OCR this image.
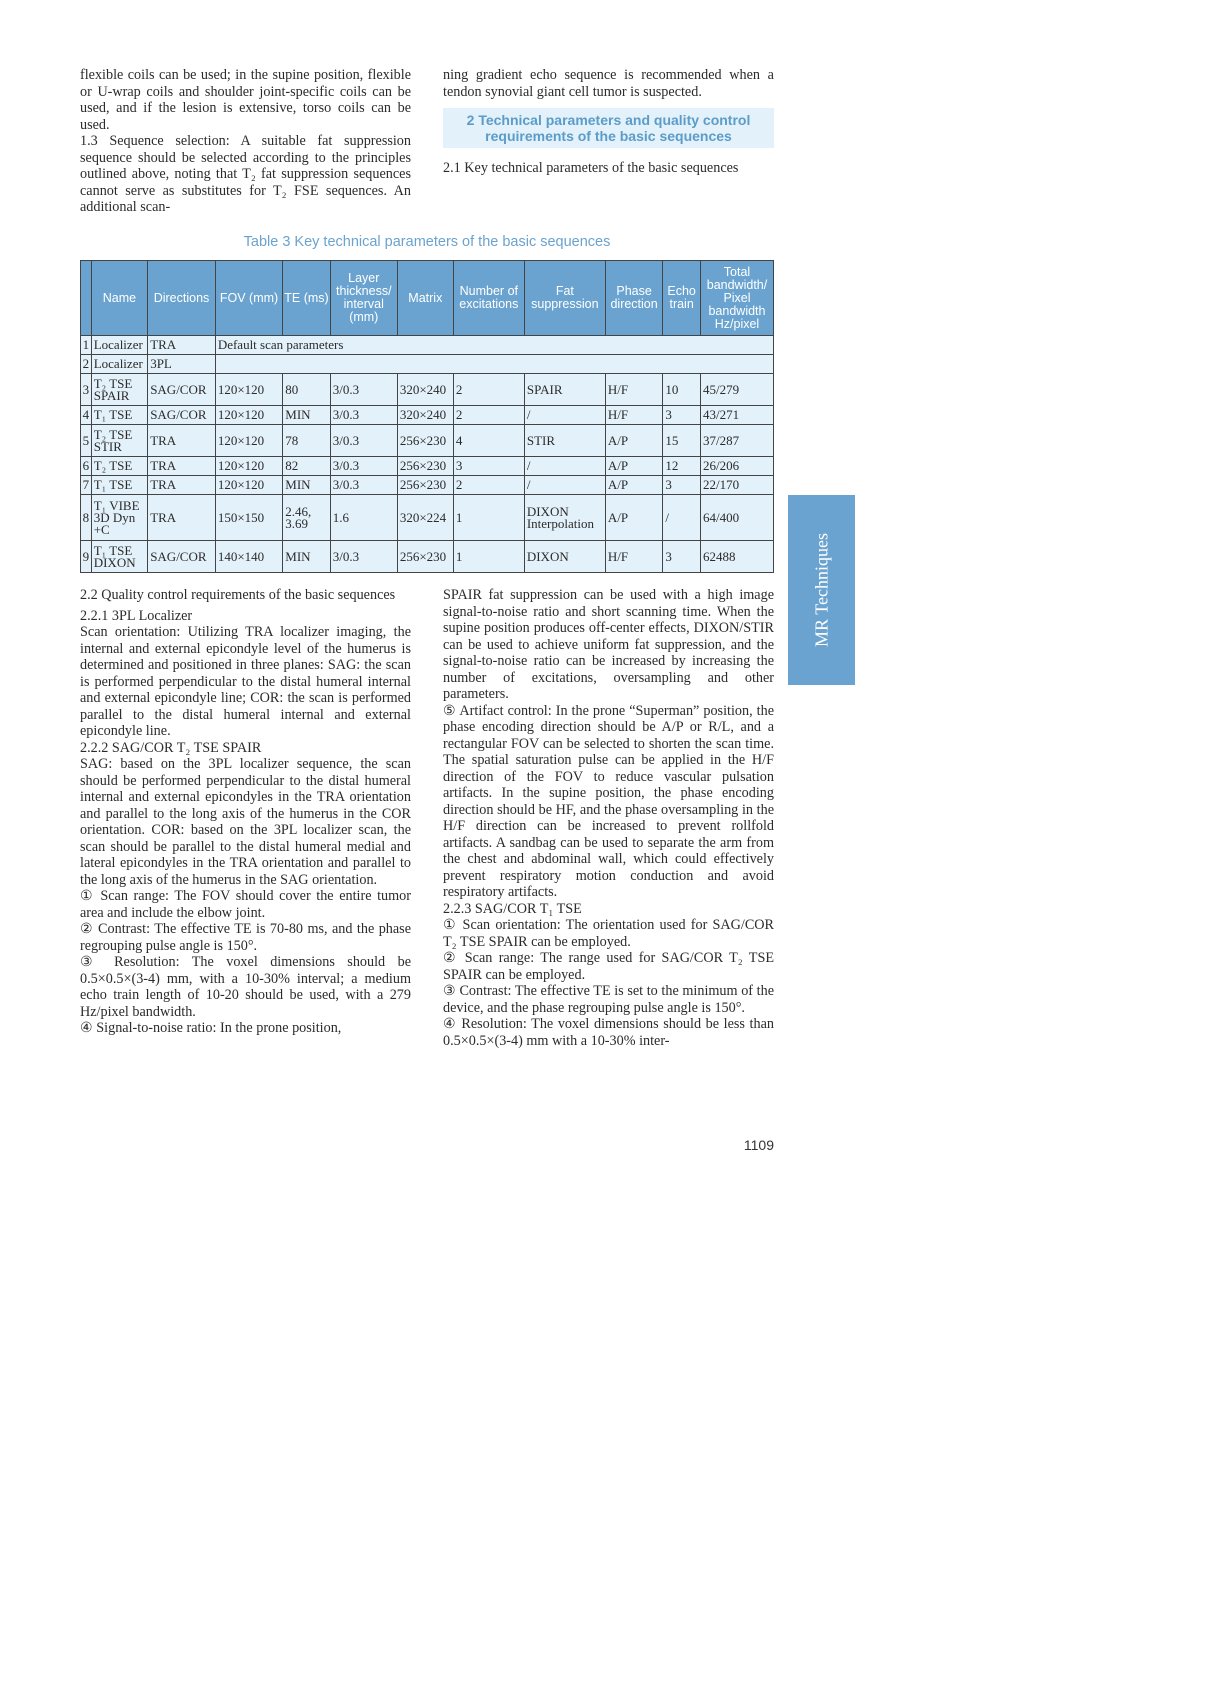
flexible coils can be used; in the supine position, flexible or U-wrap coils and shoulder joint-specific coils can be used, and if the lesion is extensive, torso coils can be used.

1.3 Sequence selection: A suitable fat suppression sequence should be selected according to the principles outlined above, noting that T₂ fat suppression sequences cannot serve as substitutes for T₂ FSE sequences. An additional scan-

ning gradient echo sequence is recommended when a tendon synovial giant cell tumor is suspected.

2 Technical parameters and quality control requirements of the basic sequences

2.1 Key technical parameters of the basic sequences

Table 3 Key technical parameters of the basic sequences
	Name	Directions	FOV (mm)	TE (ms)	Layer thickness/ interval (mm)	Matrix	Number of excitations	Fat suppression	Phase direction	Echo train	Total bandwidth/ Pixel bandwidth Hz/pixel
1	Localizer	TRA	Default scan parameters								
2	Localizer	3PL									
3	T₂ TSE SPAIR	SAG/COR	120×120	80	3/0.3	320×240	2	SPAIR	H/F	10	45/279
4	T₁ TSE	SAG/COR	120×120	MIN	3/0.3	320×240	2	/	H/F	3	43/271
5	T₂ TSE STIR	TRA	120×120	78	3/0.3	256×230	4	STIR	A/P	15	37/287
6	T₂ TSE	TRA	120×120	82	3/0.3	256×230	3	/	A/P	12	26/206
7	T₁ TSE	TRA	120×120	MIN	3/0.3	256×230	2	/	A/P	3	22/170
8	T₁ VIBE 3D Dyn +C	TRA	150×150	2.46, 3.69	1.6	320×224	1	DIXON Interpolation	A/P	/	64/400
9	T₁ TSE DIXON	SAG/COR	140×140	MIN	3/0.3	256×230	1	DIXON	H/F	3	62488

2.2 Quality control requirements of the basic sequences

2.2.1 3PL Localizer

Scan orientation: Utilizing TRA localizer imaging, the internal and external epicondyle level of the humerus is determined and positioned in three planes: SAG: the scan is performed perpendicular to the distal humeral internal and external epicondyle line; COR: the scan is performed parallel to the distal humeral internal and external epicondyle line.

2.2.2 SAG/COR T₂ TSE SPAIR

SAG: based on the 3PL localizer sequence, the scan should be performed perpendicular to the distal humeral internal and external epicondyles in the TRA orientation and parallel to the long axis of the humerus in the COR orientation. COR: based on the 3PL localizer scan, the scan should be parallel to the distal humeral medial and lateral epicondyles in the TRA orientation and parallel to the long axis of the humerus in the SAG orientation.

① Scan range: The FOV should cover the entire tumor area and include the elbow joint.

② Contrast: The effective TE is 70-80 ms, and the phase regrouping pulse angle is 150°.

③ Resolution: The voxel dimensions should be 0.5×0.5×(3-4) mm, with a 10-30% interval; a medium echo train length of 10-20 should be used, with a 279 Hz/pixel bandwidth.

④ Signal-to-noise ratio: In the prone position,

SPAIR fat suppression can be used with a high image signal-to-noise ratio and short scanning time. When the supine position produces off-center effects, DIXON/STIR can be used to achieve uniform fat suppression, and the signal-to-noise ratio can be increased by increasing the number of excitations, oversampling and other parameters.

⑤ Artifact control: In the prone “Superman” position, the phase encoding direction should be A/P or R/L, and a rectangular FOV can be selected to shorten the scan time. The spatial saturation pulse can be applied in the H/F direction of the FOV to reduce vascular pulsation artifacts. In the supine position, the phase encoding direction should be HF, and the phase oversampling in the H/F direction can be increased to prevent rollfold artifacts. A sandbag can be used to separate the arm from the chest and abdominal wall, which could effectively prevent respiratory motion conduction and avoid respiratory artifacts.

2.2.3 SAG/COR T₁ TSE

① Scan orientation: The orientation used for SAG/COR T₂ TSE SPAIR can be employed.

② Scan range: The range used for SAG/COR T₂ TSE SPAIR can be employed.

③ Contrast: The effective TE is set to the minimum of the device, and the phase regrouping pulse angle is 150°.

④ Resolution: The voxel dimensions should be less than 0.5×0.5×(3-4) mm with a 10-30% inter-

MR Techniques
1109
